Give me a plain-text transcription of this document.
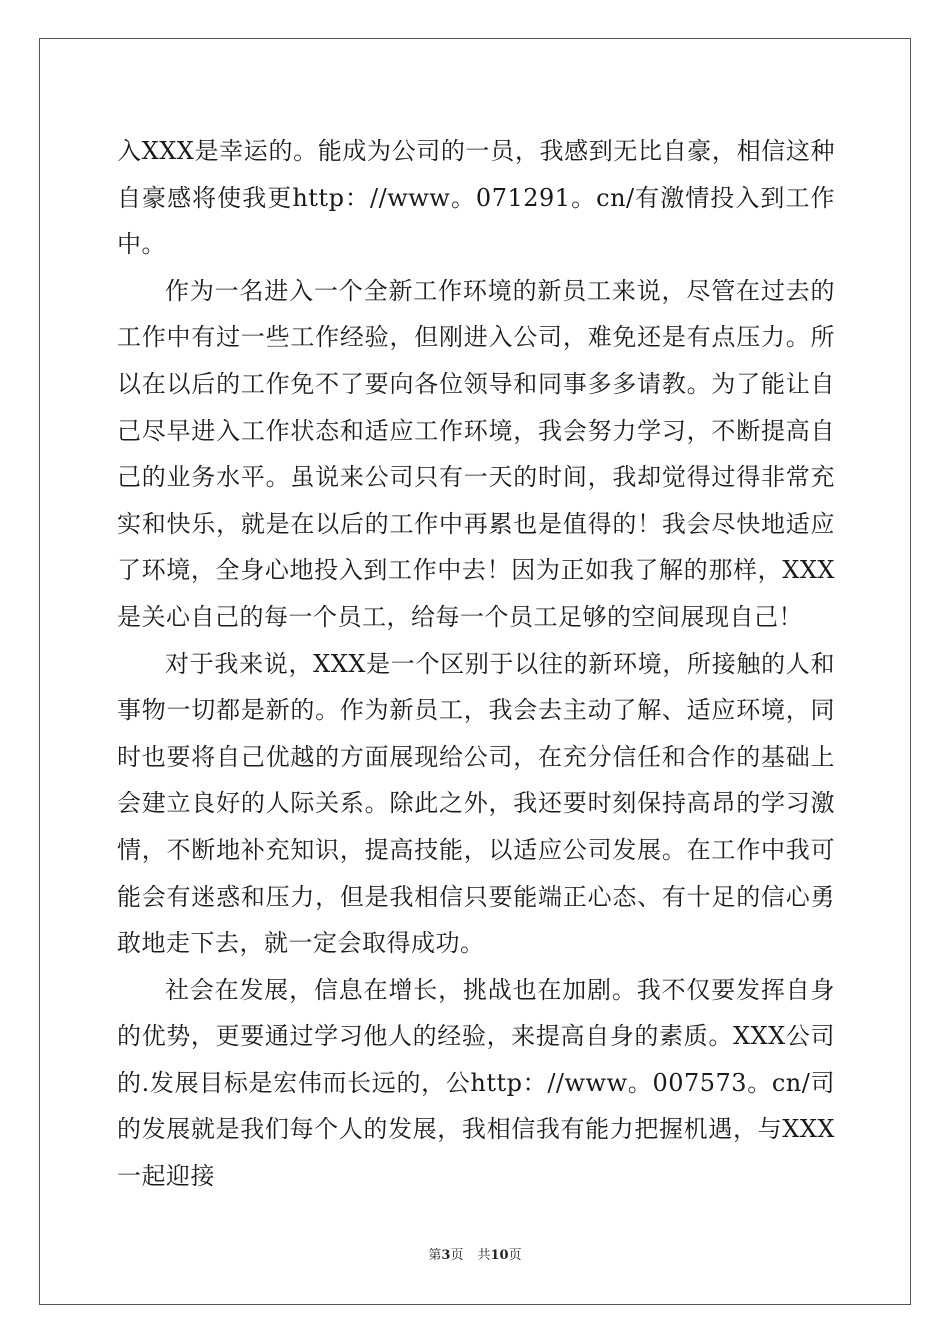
入XXX是幸运的。能成为公司的一员，我感到无比自豪，相信这种自豪感将使我更http：//www。071291。cn/有激情投入到工作中。

作为一名进入一个全新工作环境的新员工来说，尽管在过去的工作中有过一些工作经验，但刚进入公司，难免还是有点压力。所以在以后的工作免不了要向各位领导和同事多多请教。为了能让自己尽早进入工作状态和适应工作环境，我会努力学习，不断提高自己的业务水平。虽说来公司只有一天的时间，我却觉得过得非常充实和快乐，就是在以后的工作中再累也是值得的！我会尽快地适应了环境，全身心地投入到工作中去！因为正如我了解的那样，XXX是关心自己的每一个员工，给每一个员工足够的空间展现自己！

对于我来说，XXX是一个区别于以往的新环境，所接触的人和事物一切都是新的。作为新员工，我会去主动了解、适应环境，同时也要将自己优越的方面展现给公司，在充分信任和合作的基础上会建立良好的人际关系。除此之外，我还要时刻保持高昂的学习激情，不断地补充知识，提高技能，以适应公司发展。在工作中我可能会有迷惑和压力，但是我相信只要能端正心态、有十足的信心勇敢地走下去，就一定会取得成功。

社会在发展，信息在增长，挑战也在加剧。我不仅要发挥自身的优势，更要通过学习他人的经验，来提高自身的素质。XXX公司的.发展目标是宏伟而长远的，公http：//www。007573。cn/司的发展就是我们每个人的发展，我相信我有能力把握机遇，与XXX一起迎接

第3页 共10页
